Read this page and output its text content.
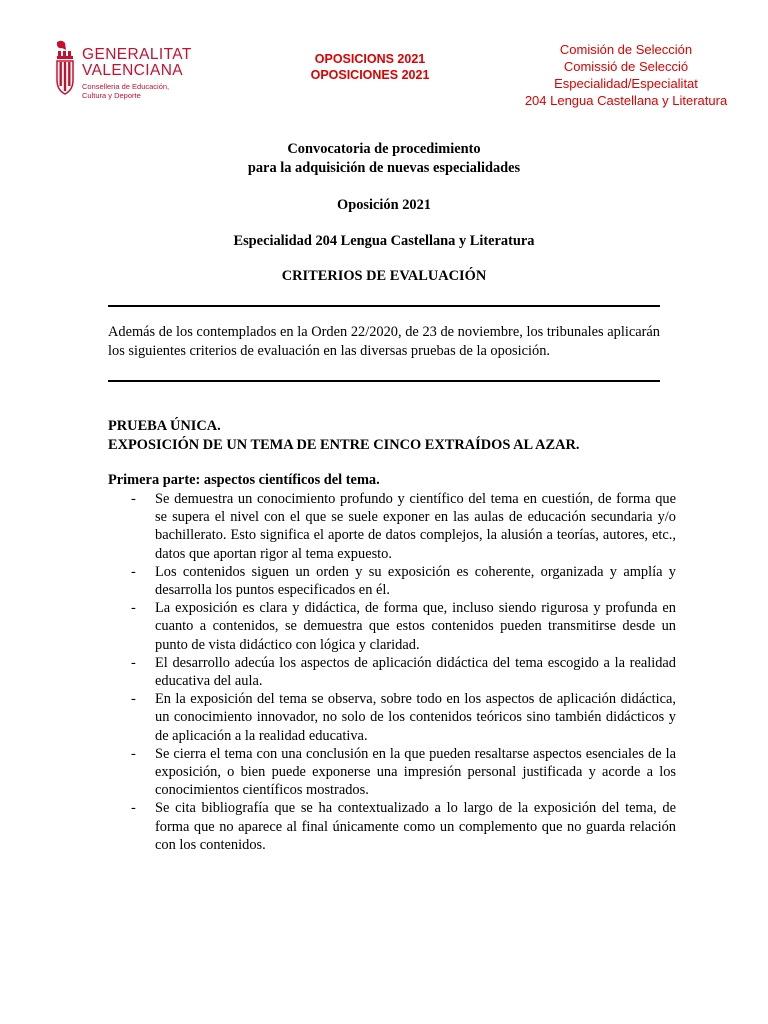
GENERALITAT
VALENCIANA
Conselleria de Educación,
Cultura y Deporte
OPOSICIONS 2021
OPOSICIONES 2021
Comisión de Selección
Comissió de Selecció
Especialidad/Especialitat
204 Lengua Castellana y Literatura
Convocatoria de procedimiento
para la adquisición de nuevas especialidades
Oposición 2021
Especialidad 204 Lengua Castellana y Literatura
CRITERIOS DE EVALUACIÓN
Además de los contemplados en la Orden 22/2020, de 23 de noviembre, los tribunales aplicarán los siguientes criterios de evaluación en las diversas pruebas de la oposición.
PRUEBA ÚNICA.
EXPOSICIÓN DE UN TEMA DE ENTRE CINCO EXTRAÍDOS AL AZAR.
Primera parte: aspectos científicos del tema.
- Se demuestra un conocimiento profundo y científico del tema en cuestión, de forma que se supera el nivel con el que se suele exponer en las aulas de educación secundaria y/o bachillerato. Esto significa el aporte de datos complejos, la alusión a teorías, autores, etc., datos que aportan rigor al tema expuesto.
- Los contenidos siguen un orden y su exposición es coherente, organizada y amplía y desarrolla los puntos especificados en él.
- La exposición es clara y didáctica, de forma que, incluso siendo rigurosa y profunda en cuanto a contenidos, se demuestra que estos contenidos pueden transmitirse desde un punto de vista didáctico con lógica y claridad.
- El desarrollo adecúa los aspectos de aplicación didáctica del tema escogido a la realidad educativa del aula.
- En la exposición del tema se observa, sobre todo en los aspectos de aplicación didáctica, un conocimiento innovador, no solo de los contenidos teóricos sino también didácticos y de aplicación a la realidad educativa.
- Se cierra el tema con una conclusión en la que pueden resaltarse aspectos esenciales de la exposición, o bien puede exponerse una impresión personal justificada y acorde a los conocimientos científicos mostrados.
- Se cita bibliografía que se ha contextualizado a lo largo de la exposición del tema, de forma que no aparece al final únicamente como un complemento que no guarda relación con los contenidos.
